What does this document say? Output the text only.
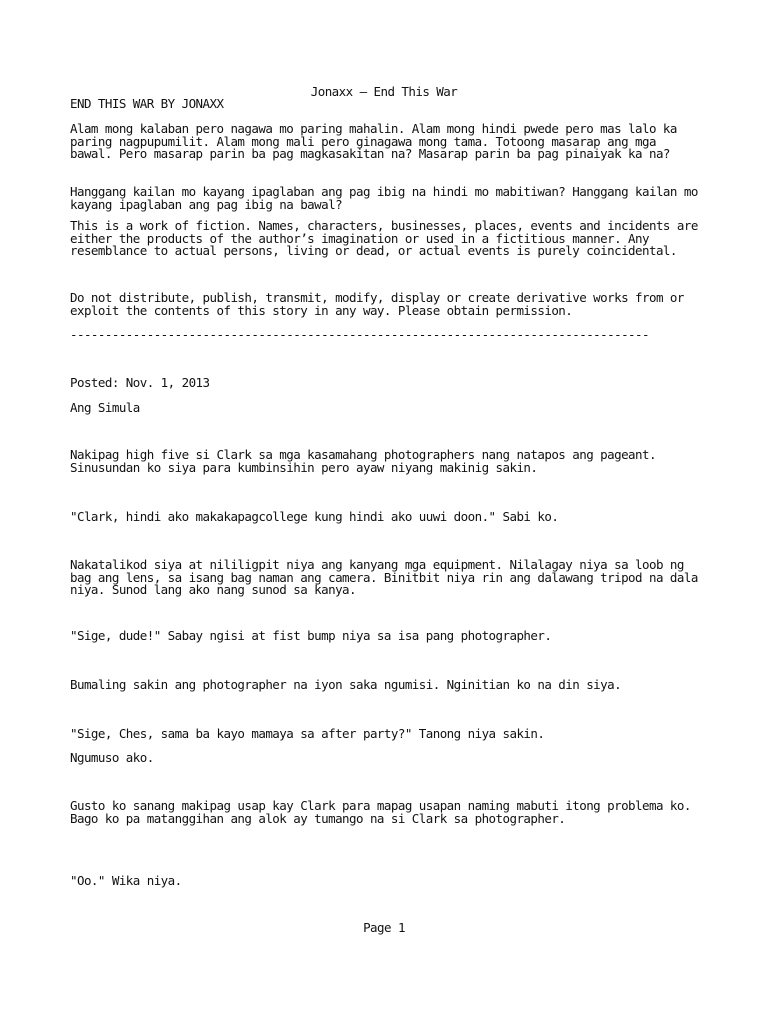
Jonaxx – End This War
END THIS WAR BY JONAXX
Alam mong kalaban pero nagawa mo paring mahalin. Alam mong hindi pwede pero mas lalo ka paring nagpupumilit. Alam mong mali pero ginagawa mong tama. Totoong masarap ang mga bawal. Pero masarap parin ba pag magkasakitan na? Masarap parin ba pag pinaiyak ka na?
Hanggang kailan mo kayang ipaglaban ang pag ibig na hindi mo mabitiwan? Hanggang kailan mo kayang ipaglaban ang pag ibig na bawal?
This is a work of fiction. Names, characters, businesses, places, events and incidents are either the products of the author’s imagination or used in a fictitious manner. Any resemblance to actual persons, living or dead, or actual events is purely coincidental.
Do not distribute, publish, transmit, modify, display or create derivative works from or exploit the contents of this story in any way. Please obtain permission.
-----------------------------------------------------------------------------------
Posted: Nov. 1, 2013
Ang Simula
Nakipag high five si Clark sa mga kasamahang photographers nang natapos ang pageant. Sinusundan ko siya para kumbinsihin pero ayaw niyang makinig sakin.
"Clark, hindi ako makakapagcollege kung hindi ako uuwi doon." Sabi ko.
Nakatalikod siya at nililigpit niya ang kanyang mga equipment. Nilalagay niya sa loob ng bag ang lens, sa isang bag naman ang camera. Binitbit niya rin ang dalawang tripod na dala niya. Sunod lang ako nang sunod sa kanya.
"Sige, dude!" Sabay ngisi at fist bump niya sa isa pang photographer.
Bumaling sakin ang photographer na iyon saka ngumisi. Nginitian ko na din siya.
"Sige, Ches, sama ba kayo mamaya sa after party?" Tanong niya sakin.
Ngumuso ako.
Gusto ko sanang makipag usap kay Clark para mapag usapan naming mabuti itong problema ko. Bago ko pa matanggihan ang alok ay tumango na si Clark sa photographer.
"Oo." Wika niya.
Page 1
